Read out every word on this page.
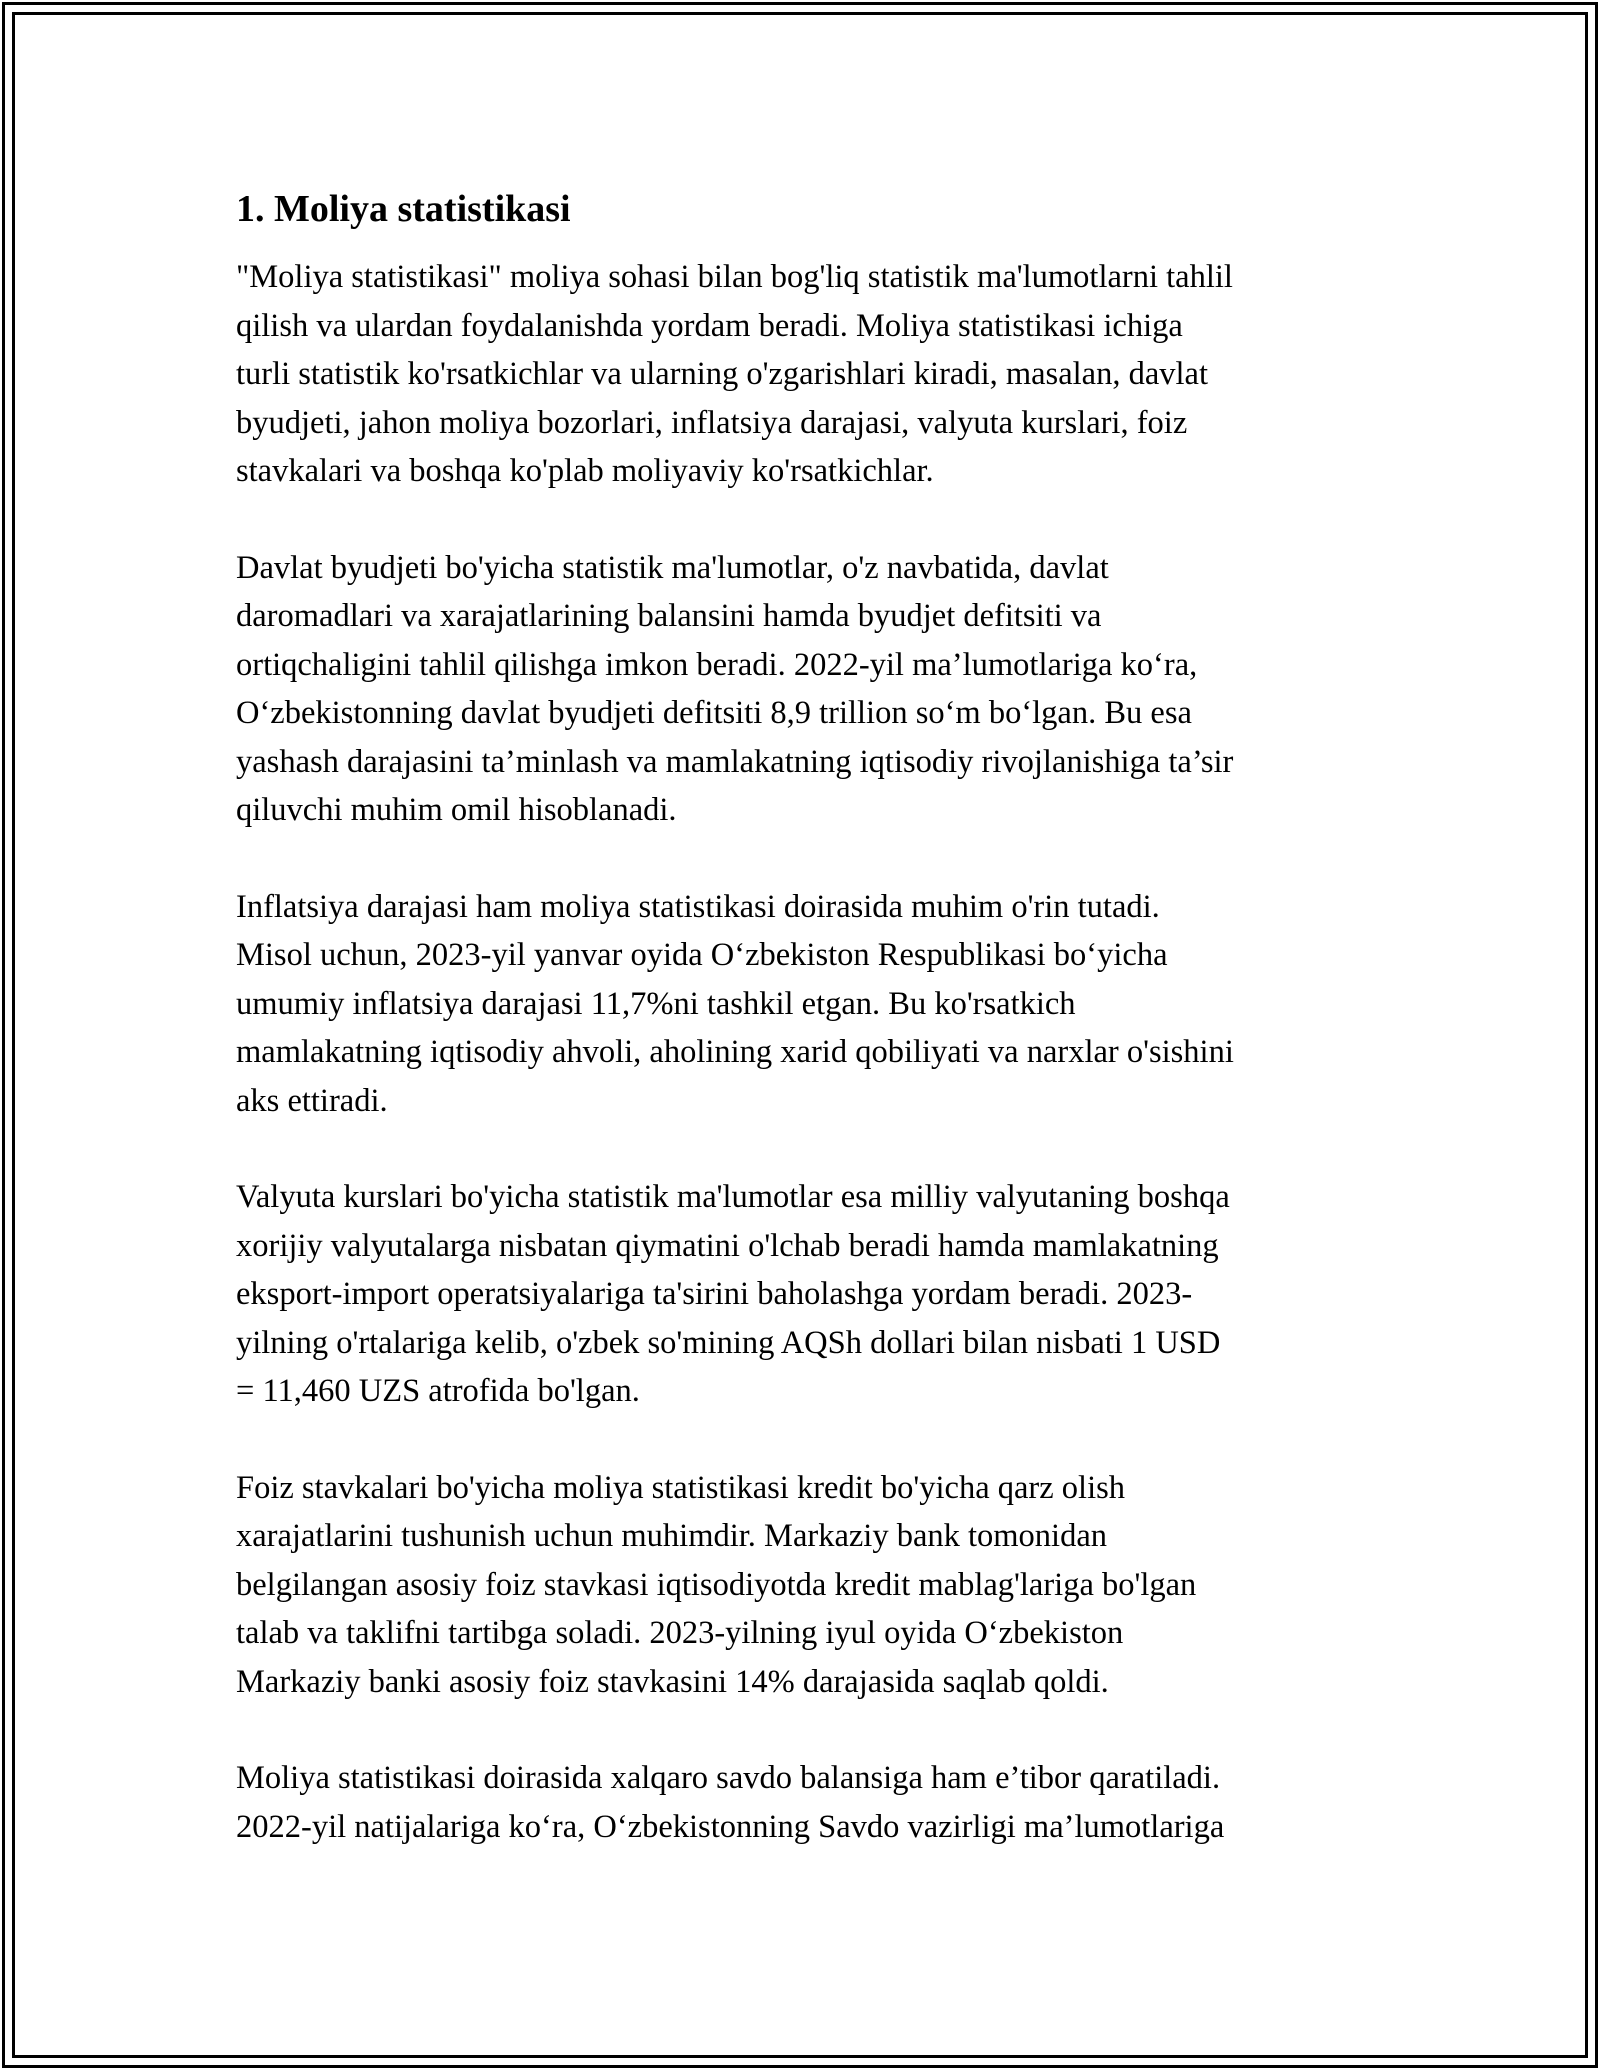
1. Moliya statistikasi
"Moliya statistikasi" moliya sohasi bilan bog'liq statistik ma'lumotlarni tahlil
qilish va ulardan foydalanishda yordam beradi. Moliya statistikasi ichiga
turli statistik ko'rsatkichlar va ularning o'zgarishlari kiradi, masalan, davlat
byudjeti, jahon moliya bozorlari, inflatsiya darajasi, valyuta kurslari, foiz
stavkalari va boshqa ko'plab moliyaviy ko'rsatkichlar.
Davlat byudjeti bo'yicha statistik ma'lumotlar, o'z navbatida, davlat
daromadlari va xarajatlarining balansini hamda byudjet defitsiti va
ortiqchaligini tahlil qilishga imkon beradi. 2022-yil ma’lumotlariga ko‘ra,
O‘zbekistonning davlat byudjeti defitsiti 8,9 trillion so‘m bo‘lgan. Bu esa
yashash darajasini ta’minlash va mamlakatning iqtisodiy rivojlanishiga ta’sir
qiluvchi muhim omil hisoblanadi.
Inflatsiya darajasi ham moliya statistikasi doirasida muhim o'rin tutadi.
Misol uchun, 2023-yil yanvar oyida O‘zbekiston Respublikasi bo‘yicha
umumiy inflatsiya darajasi 11,7%ni tashkil etgan. Bu ko'rsatkich
mamlakatning iqtisodiy ahvoli, aholining xarid qobiliyati va narxlar o'sishini
aks ettiradi.
Valyuta kurslari bo'yicha statistik ma'lumotlar esa milliy valyutaning boshqa
xorijiy valyutalarga nisbatan qiymatini o'lchab beradi hamda mamlakatning
eksport-import operatsiyalariga ta'sirini baholashga yordam beradi. 2023-
yilning o'rtalariga kelib, o'zbek so'mining AQSh dollari bilan nisbati 1 USD
= 11,460 UZS atrofida bo'lgan.
Foiz stavkalari bo'yicha moliya statistikasi kredit bo'yicha qarz olish
xarajatlarini tushunish uchun muhimdir. Markaziy bank tomonidan
belgilangan asosiy foiz stavkasi iqtisodiyotda kredit mablag'lariga bo'lgan
talab va taklifni tartibga soladi. 2023-yilning iyul oyida O‘zbekiston
Markaziy banki asosiy foiz stavkasini 14% darajasida saqlab qoldi.
Moliya statistikasi doirasida xalqaro savdo balansiga ham e’tibor qaratiladi.
2022-yil natijalariga ko‘ra, O‘zbekistonning Savdo vazirligi ma’lumotlariga
